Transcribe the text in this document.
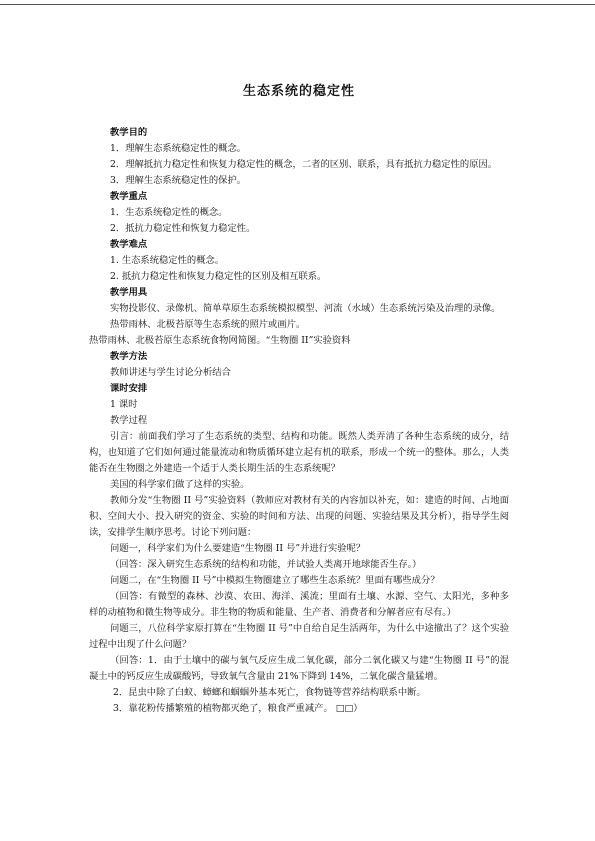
生态系统的稳定性

教学目的

1．理解生态系统稳定性的概念。

2．理解抵抗力稳定性和恢复力稳定性的概念，二者的区别、联系，具有抵抗力稳定性的原因。

3．理解生态系统稳定性的保护。

教学重点

1．生态系统稳定性的概念。

2．抵抗力稳定性和恢复力稳定性。

教学难点

1. 生态系统稳定性的概念。

2. 抵抗力稳定性和恢复力稳定性的区别及相互联系。

教学用具

实物投影仪、录像机、简单草原生态系统模拟模型、河流（水域）生态系统污染及治理的录像。

热带雨林、北极苔原等生态系统的照片或画片。

热带雨林、北极苔原生态系统食物网简图。“生物圈 II”实验资料

教学方法

教师讲述与学生讨论分析结合

课时安排

1 课时

教学过程

引言：前面我们学习了生态系统的类型、结构和功能。既然人类弄清了各种生态系统的成分，结构，也知道了它们如何通过能量流动和物质循环建立起有机的联系，形成一个统一的整体。那么，人类能否在生物圈之外建造一个适于人类长期生活的生态系统呢？

美国的科学家们做了这样的实验。

教师分发“生物圈 II 号”实验资料（教师应对教材有关的内容加以补充，如：建造的时间、占地面积、空间大小、投入研究的资金、实验的时间和方法、出现的问题、实验结果及其分析），指导学生阅读，安排学生顺序思考。讨论下列问题：

问题一，科学家们为什么要建造“生物圈 II 号”并进行实验呢？

（回答：深入研究生态系统的结构和功能，并试验人类离开地球能否生存。）

问题二，在“生物圈 II 号”中模拟生物圈建立了哪些生态系统？里面有哪些成分？

（回答：有微型的森林、沙漠、农田、海洋、溪流；里面有土壤、水源、空气、太阳光，多种多样的动植物和微生物等成分。非生物的物质和能量、生产者、消费者和分解者应有尽有。）

问题三，八位科学家原打算在“生物圈 II 号”中自给自足生活两年，为什么中途撤出了？这个实验过程中出现了什么问题？

（回答：1．由于土壤中的碳与氧气反应生成二氧化碳，部分二氧化碳又与建“生物圈 II 号”的混凝土中的钙反应生成碳酸钙，导致氧气含量由 21%下降到 14%，二氧化碳含量猛增。

2．昆虫中除了白蚁、蟑螂和蝈蝈外基本死亡，食物链等营养结构联系中断。

3．靠花粉传播繁殖的植物都灭绝了，粮食严重减产。 □□）
